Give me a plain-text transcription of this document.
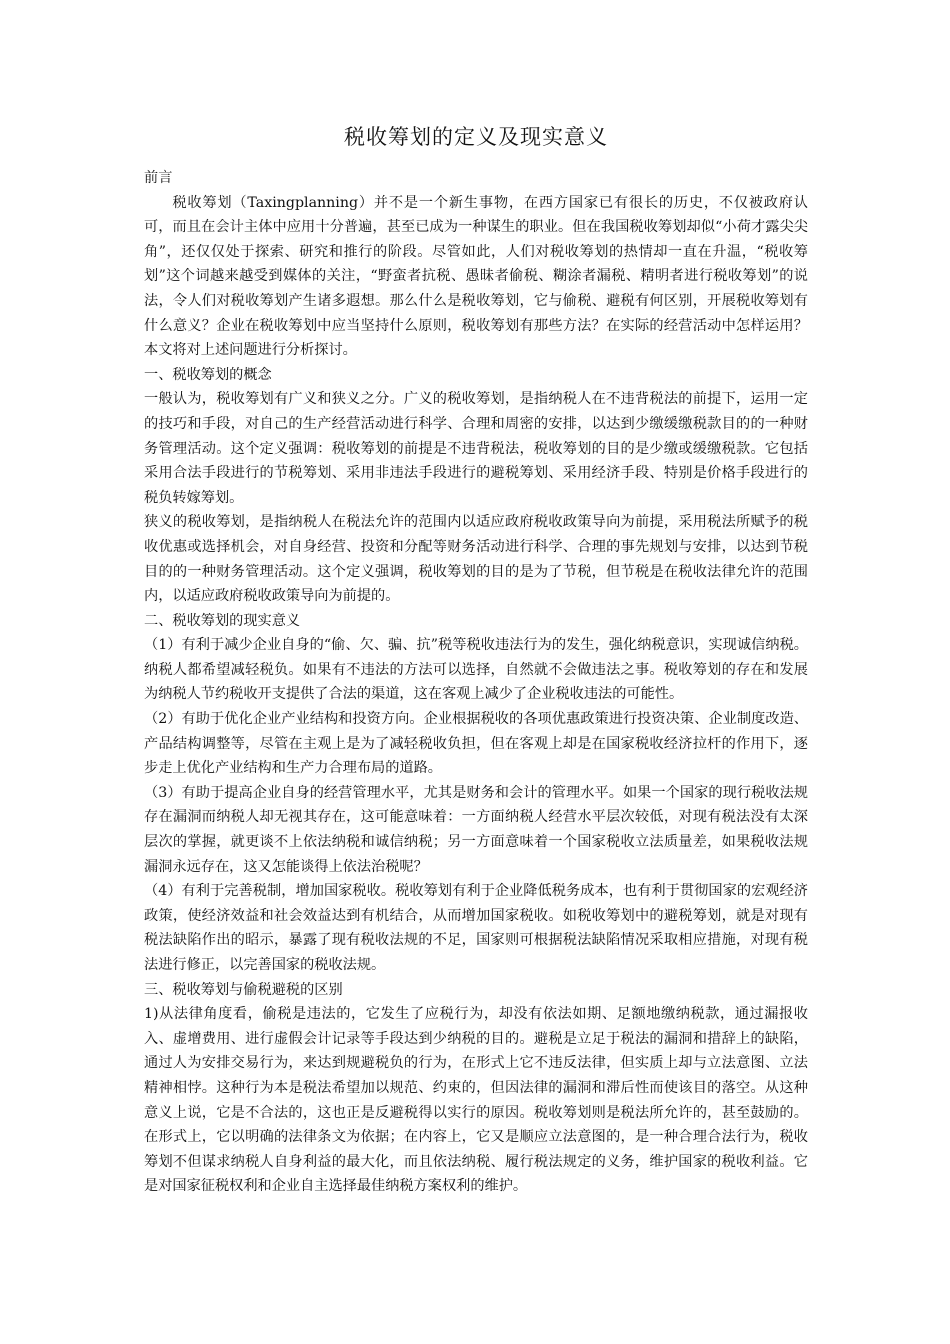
税收筹划的定义及现实意义

前言

税收筹划（Taxingplanning）并不是一个新生事物，在西方国家已有很长的历史，不仅被政府认可，而且在会计主体中应用十分普遍，甚至已成为一种谋生的职业。但在我国税收筹划却似“小荷才露尖尖角”，还仅仅处于探索、研究和推行的阶段。尽管如此，人们对税收筹划的热情却一直在升温，“税收筹划”这个词越来越受到媒体的关注，“野蛮者抗税、愚昧者偷税、糊涂者漏税、精明者进行税收筹划”的说法，令人们对税收筹划产生诸多遐想。那么什么是税收筹划，它与偷税、避税有何区别，开展税收筹划有什么意义？企业在税收筹划中应当坚持什么原则，税收筹划有那些方法？在实际的经营活动中怎样运用？本文将对上述问题进行分析探讨。

一、税收筹划的概念

一般认为，税收筹划有广义和狭义之分。广义的税收筹划，是指纳税人在不违背税法的前提下，运用一定的技巧和手段，对自己的生产经营活动进行科学、合理和周密的安排，以达到少缴缓缴税款目的的一种财务管理活动。这个定义强调：税收筹划的前提是不违背税法，税收筹划的目的是少缴或缓缴税款。它包括采用合法手段进行的节税筹划、采用非违法手段进行的避税筹划、采用经济手段、特别是价格手段进行的税负转嫁筹划。

狭义的税收筹划，是指纳税人在税法允许的范围内以适应政府税收政策导向为前提，采用税法所赋予的税收优惠或选择机会，对自身经营、投资和分配等财务活动进行科学、合理的事先规划与安排，以达到节税目的的一种财务管理活动。这个定义强调，税收筹划的目的是为了节税，但节税是在税收法律允许的范围内，以适应政府税收政策导向为前提的。

二、税收筹划的现实意义

（1）有利于减少企业自身的“偷、欠、骗、抗”税等税收违法行为的发生，强化纳税意识，实现诚信纳税。纳税人都希望减轻税负。如果有不违法的方法可以选择，自然就不会做违法之事。税收筹划的存在和发展为纳税人节约税收开支提供了合法的渠道，这在客观上减少了企业税收违法的可能性。

（2）有助于优化企业产业结构和投资方向。企业根据税收的各项优惠政策进行投资决策、企业制度改造、产品结构调整等，尽管在主观上是为了减轻税收负担，但在客观上却是在国家税收经济拉杆的作用下，逐步走上优化产业结构和生产力合理布局的道路。

（3）有助于提高企业自身的经营管理水平，尤其是财务和会计的管理水平。如果一个国家的现行税收法规存在漏洞而纳税人却无视其存在，这可能意味着：一方面纳税人经营水平层次较低，对现有税法没有太深层次的掌握，就更谈不上依法纳税和诚信纳税；另一方面意味着一个国家税收立法质量差，如果税收法规漏洞永远存在，这又怎能谈得上依法治税呢？

（4）有利于完善税制，增加国家税收。税收筹划有利于企业降低税务成本，也有利于贯彻国家的宏观经济政策，使经济效益和社会效益达到有机结合，从而增加国家税收。如税收筹划中的避税筹划，就是对现有税法缺陷作出的昭示，暴露了现有税收法规的不足，国家则可根据税法缺陷情况采取相应措施，对现有税法进行修正，以完善国家的税收法规。

三、税收筹划与偷税避税的区别

1)从法律角度看，偷税是违法的，它发生了应税行为，却没有依法如期、足额地缴纳税款，通过漏报收入、虚增费用、进行虚假会计记录等手段达到少纳税的目的。避税是立足于税法的漏洞和措辞上的缺陷，通过人为安排交易行为，来达到规避税负的行为，在形式上它不违反法律，但实质上却与立法意图、立法精神相悖。这种行为本是税法希望加以规范、约束的，但因法律的漏洞和滞后性而使该目的落空。从这种意义上说，它是不合法的，这也正是反避税得以实行的原因。税收筹划则是税法所允许的，甚至鼓励的。在形式上，它以明确的法律条文为依据；在内容上，它又是顺应立法意图的，是一种合理合法行为，税收筹划不但谋求纳税人自身利益的最大化，而且依法纳税、履行税法规定的义务，维护国家的税收利益。它是对国家征税权利和企业自主选择最佳纳税方案权利的维护。
